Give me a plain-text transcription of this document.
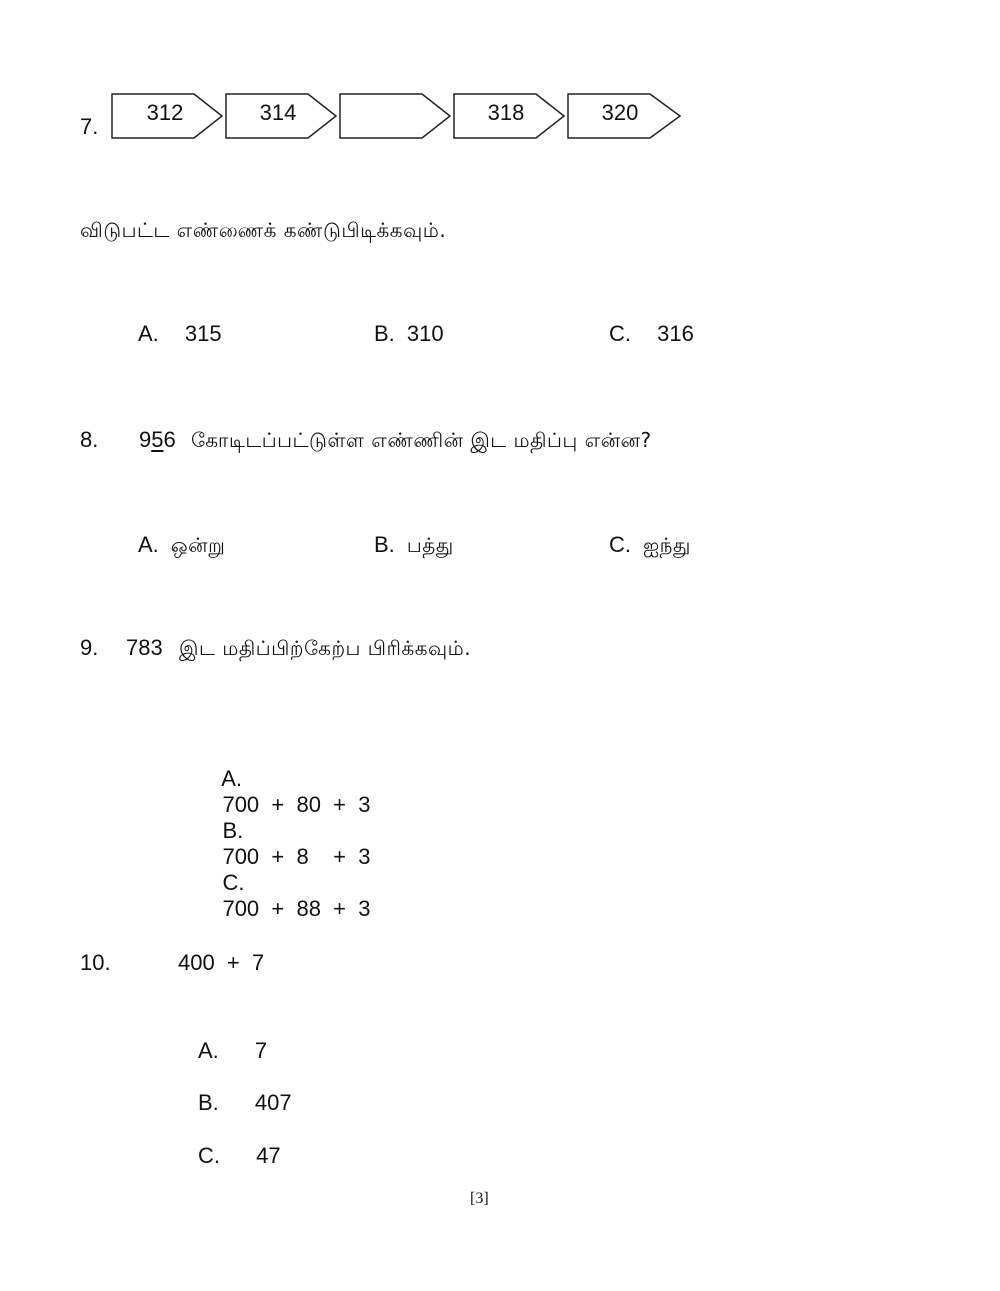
7.
312	314	318	320
விடுபட்ட எண்ணைக் கண்டுபிடிக்கவும்.
A. 315	B. 310	C. 316
8. 956 கோடிடப்பட்டுள்ள எண்ணின் இட மதிப்பு என்ன?
A. ஒன்று	B. பத்து	C. ஐந்து
9. 783 இட மதிப்பிற்கேற்ப பிரிக்கவும்.

A.
700  +  80  +  3

B.
700  +  8    +  3

C.
700  +  88  +  3

10.	400  +  7
A. 7
B. 407
C. 47
[3]
